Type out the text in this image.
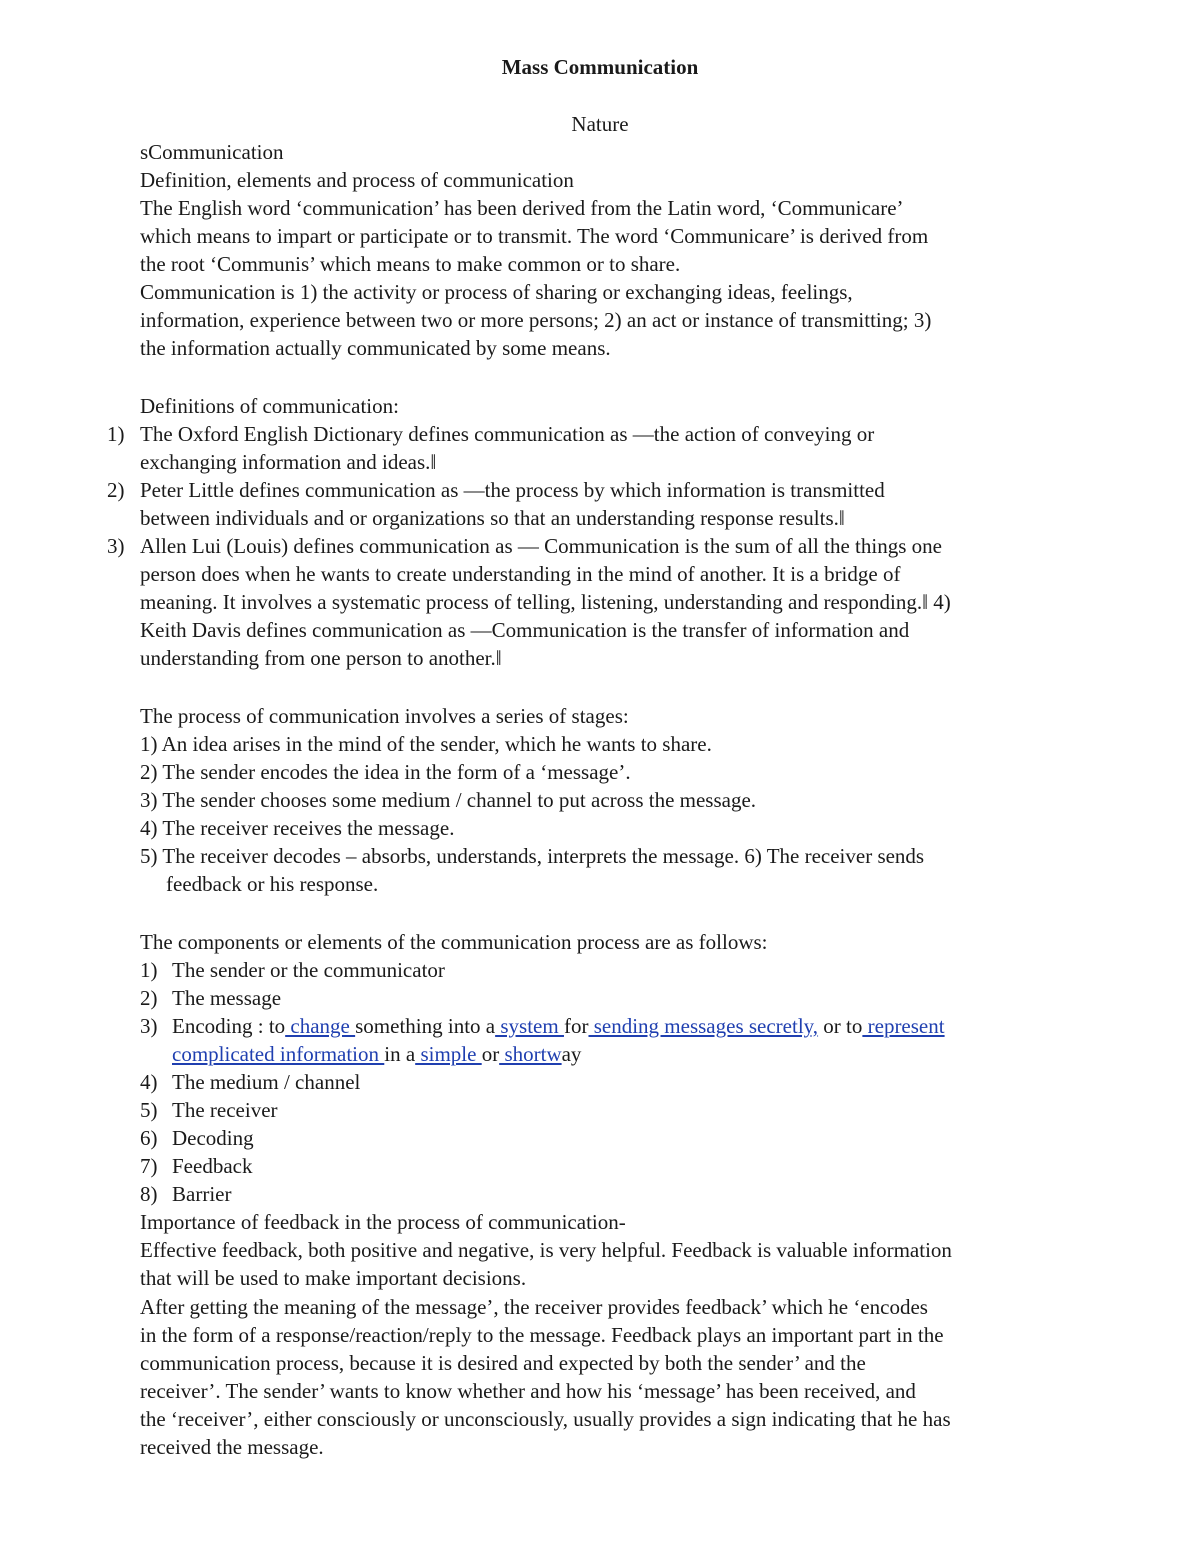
Mass Communication
Nature
sCommunication
Definition, elements and process of communication
The English word ‘communication’ has been derived from the Latin word, ‘Communicare’
which means to impart or participate or to transmit. The word ‘Communicare’ is derived from
the root ‘Communis’ which means to make common or to share.
Communication is 1) the activity or process of sharing or exchanging ideas, feelings,
information, experience between two or more persons; 2) an act or instance of transmitting; 3)
the information actually communicated by some means.
Definitions of communication:
1) The Oxford English Dictionary defines communication as —the action of conveying or
exchanging information and ideas.‖
2) Peter Little defines communication as —the process by which information is transmitted
between individuals and or organizations so that an understanding response results.‖
3) Allen Lui (Louis) defines communication as — Communication is the sum of all the things one
person does when he wants to create understanding in the mind of another. It is a bridge of
meaning. It involves a systematic process of telling, listening, understanding and responding.‖ 4)
Keith Davis defines communication as —Communication is the transfer of information and
understanding from one person to another.‖
The process of communication involves a series of stages:
1) An idea arises in the mind of the sender, which he wants to share.
2) The sender encodes the idea in the form of a ‘message’.
3) The sender chooses some medium / channel to put across the message.
4) The receiver receives the message.
5) The receiver decodes – absorbs, understands, interprets the message. 6) The receiver sends
feedback or his response.
The components or elements of the communication process are as follows:
1) The sender or the communicator
2) The message
3) Encoding : to change something into a system for sending messages secretly, or to represent
complicated information in a simple or shortway
4) The medium / channel
5) The receiver
6) Decoding
7) Feedback
8) Barrier
Importance of feedback in the process of communication-
Effective feedback, both positive and negative, is very helpful. Feedback is valuable information
that will be used to make important decisions.
After getting the meaning of the message’, the receiver provides feedback’ which he ‘encodes
in the form of a response/reaction/reply to the message. Feedback plays an important part in the
communication process, because it is desired and expected by both the sender’ and the
receiver’. The sender’ wants to know whether and how his ‘message’ has been received, and
the ‘receiver’, either consciously or unconsciously, usually provides a sign indicating that he has
received the message.
